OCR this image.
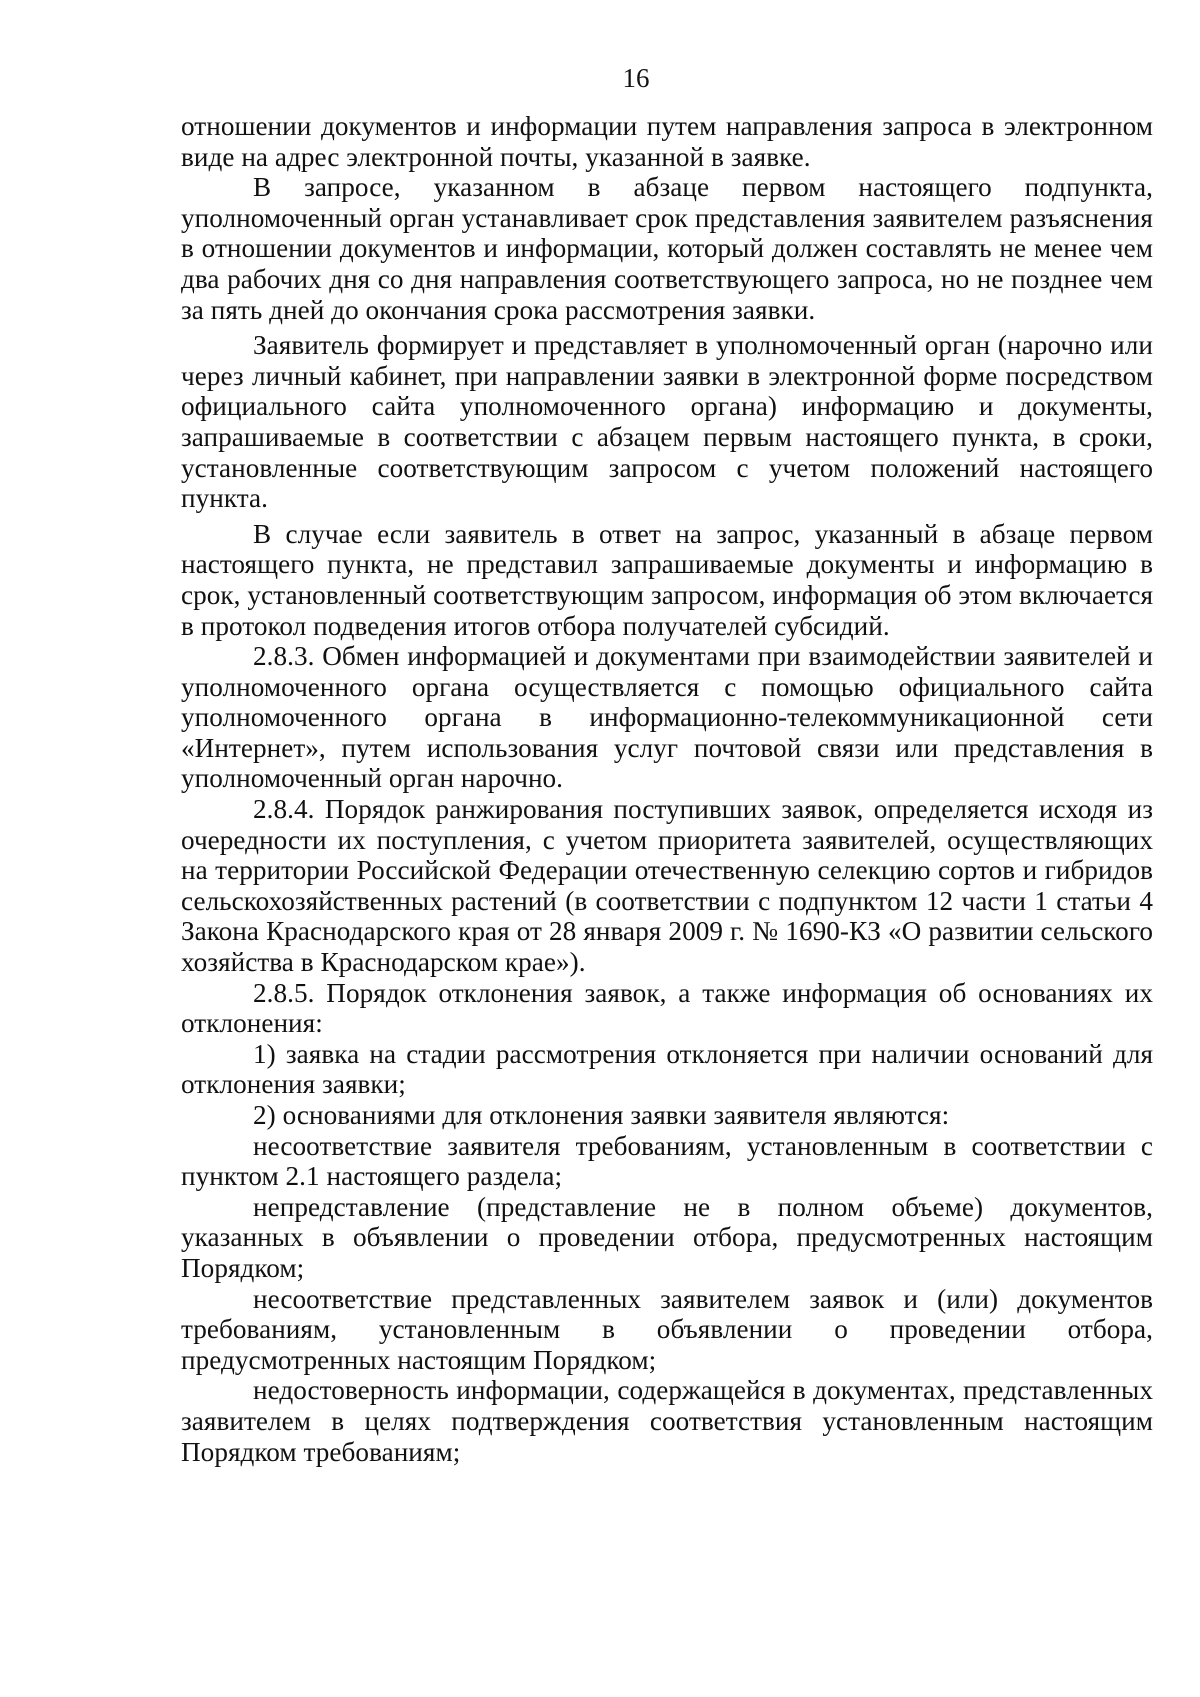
16

отношении документов и информации путем направления запроса в электронном виде на адрес электронной почты, указанной в заявке.

В запросе, указанном в абзаце первом настоящего подпункта, уполномоченный орган устанавливает срок представления заявителем разъяснения в отношении документов и информации, который должен составлять не менее чем два рабочих дня со дня направления соответствующего запроса, но не позднее чем за пять дней до окончания срока рассмотрения заявки.

Заявитель формирует и представляет в уполномоченный орган (нарочно или через личный кабинет, при направлении заявки в электронной форме посредством официального сайта уполномоченного органа) информацию и документы, запрашиваемые в соответствии с абзацем первым настоящего пункта, в сроки, установленные соответствующим запросом с учетом положений настоящего пункта.

В случае если заявитель в ответ на запрос, указанный в абзаце первом настоящего пункта, не представил запрашиваемые документы и информацию в срок, установленный соответствующим запросом, информация об этом включается в протокол подведения итогов отбора получателей субсидий.

2.8.3. Обмен информацией и документами при взаимодействии заявителей и уполномоченного органа осуществляется с помощью официального сайта уполномоченного органа в информационно-телекоммуникационной сети «Интернет», путем использования услуг почтовой связи или представления в уполномоченный орган нарочно.

2.8.4. Порядок ранжирования поступивших заявок, определяется исходя из очередности их поступления, с учетом приоритета заявителей, осуществляющих на территории Российской Федерации отечественную селекцию сортов и гибридов сельскохозяйственных растений (в соответствии с подпунктом 12 части 1 статьи 4 Закона Краснодарского края от 28 января 2009 г. № 1690-КЗ «О развитии сельского хозяйства в Краснодарском крае»).

2.8.5. Порядок отклонения заявок, а также информация об основаниях их отклонения:

1) заявка на стадии рассмотрения отклоняется при наличии оснований для отклонения заявки;

2) основаниями для отклонения заявки заявителя являются:

несоответствие заявителя требованиям, установленным в соответствии с пунктом 2.1 настоящего раздела;

непредставление (представление не в полном объеме) документов, указанных в объявлении о проведении отбора, предусмотренных настоящим Порядком;

несоответствие представленных заявителем заявок и (или) документов требованиям, установленным в объявлении о проведении отбора, предусмотренных настоящим Порядком;

недостоверность информации, содержащейся в документах, представленных заявителем в целях подтверждения соответствия установленным настоящим Порядком требованиям;
